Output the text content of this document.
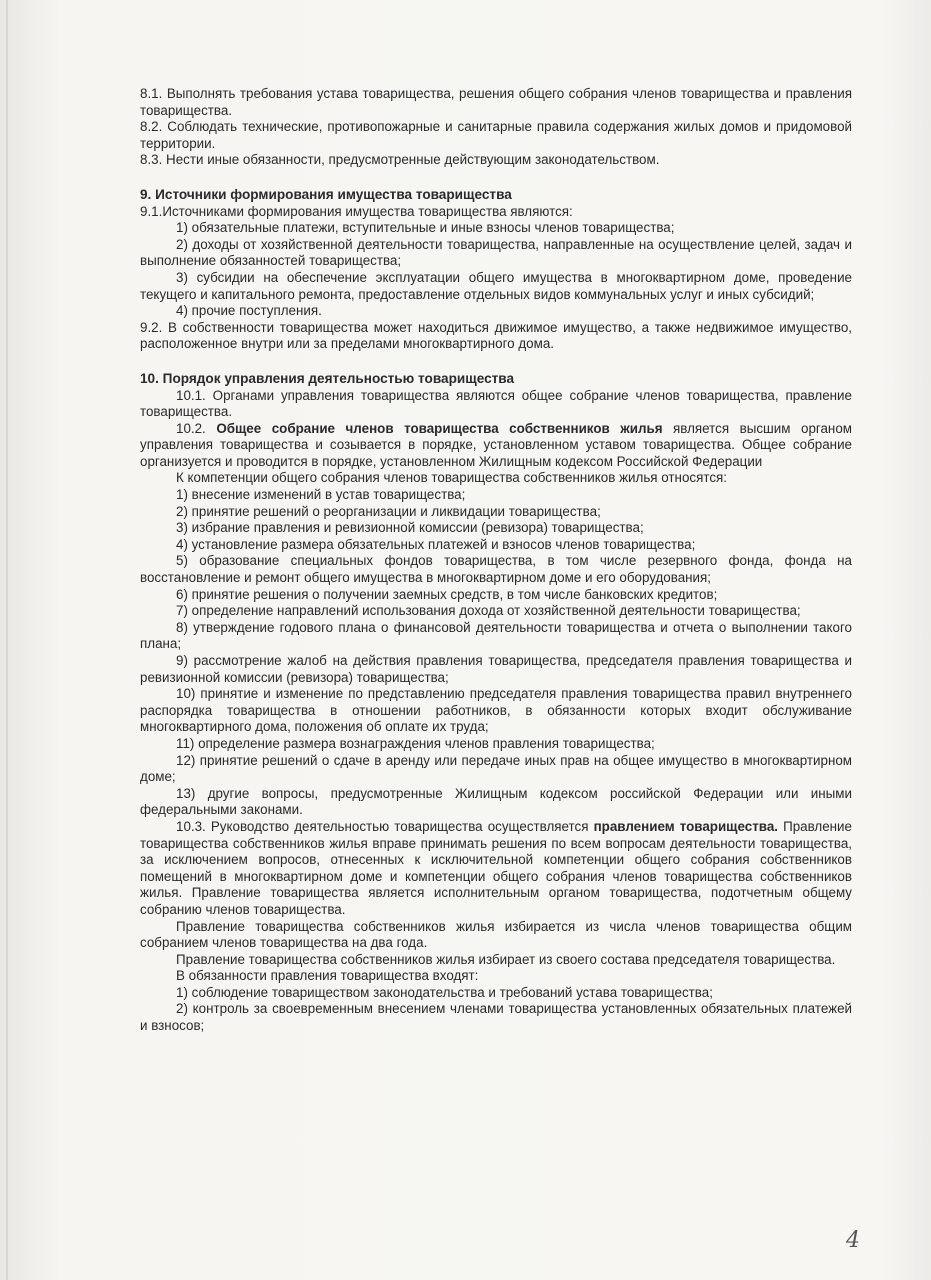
8.1. Выполнять требования устава товарищества, решения общего собрания членов товарищества и правления товарищества.

8.2. Соблюдать технические, противопожарные и санитарные правила содержания жилых домов и придомовой территории.

8.3. Нести иные обязанности, предусмотренные действующим законодательством.

9. Источники формирования имущества товарищества

9.1.Источниками формирования имущества товарищества являются:

1) обязательные платежи, вступительные и иные взносы членов товарищества;

2) доходы от хозяйственной деятельности товарищества, направленные на осуществление целей, задач и выполнение обязанностей товарищества;

3) субсидии на обеспечение эксплуатации общего имущества в многоквартирном доме, проведение текущего и капитального ремонта, предоставление отдельных видов коммунальных услуг и иных субсидий;

4) прочие поступления.

9.2. В собственности товарищества может находиться движимое имущество, а также недвижимое имущество, расположенное внутри или за пределами многоквартирного дома.

10. Порядок управления деятельностью товарищества

10.1. Органами управления товарищества являются общее собрание членов товарищества, правление товарищества.

10.2. Общее собрание членов товарищества собственников жилья является высшим органом управления товарищества и созывается в порядке, установленном уставом товарищества. Общее собрание организуется и проводится в порядке, установленном Жилищным кодексом Российской Федерации

К компетенции общего собрания членов товарищества собственников жилья относятся:

1) внесение изменений в устав товарищества;

2) принятие решений о реорганизации и ликвидации товарищества;

3) избрание правления и ревизионной комиссии (ревизора) товарищества;

4) установление размера обязательных платежей и взносов членов товарищества;

5) образование специальных фондов товарищества, в том числе резервного фонда, фонда на восстановление и ремонт общего имущества в многоквартирном доме и его оборудования;

6) принятие решения о получении заемных средств, в том числе банковских кредитов;

7) определение направлений использования дохода от хозяйственной деятельности товарищества;

8) утверждение годового плана о финансовой деятельности товарищества и отчета о выполнении такого плана;

9) рассмотрение жалоб на действия правления товарищества, председателя правления товарищества и ревизионной комиссии (ревизора) товарищества;

10) принятие и изменение по представлению председателя правления товарищества правил внутреннего распорядка товарищества в отношении работников, в обязанности которых входит обслуживание многоквартирного дома, положения об оплате их труда;

11) определение размера вознаграждения членов правления товарищества;

12) принятие решений о сдаче в аренду или передаче иных прав на общее имущество в многоквартирном доме;

13) другие вопросы, предусмотренные Жилищным кодексом российской Федерации или иными федеральными законами.

10.3. Руководство деятельностью товарищества осуществляется правлением товарищества. Правление товарищества собственников жилья вправе принимать решения по всем вопросам деятельности товарищества, за исключением вопросов, отнесенных к исключительной компетенции общего собрания собственников помещений в многоквартирном доме и компетенции общего собрания членов товарищества собственников жилья. Правление товарищества является исполнительным органом товарищества, подотчетным общему собранию членов товарищества.

Правление товарищества собственников жилья избирается из числа членов товарищества общим собранием членов товарищества на два года.

Правление товарищества собственников жилья избирает из своего состава председателя товарищества.

В обязанности правления товарищества входят:

1) соблюдение товариществом законодательства и требований устава товарищества;

2) контроль за своевременным внесением членами товарищества установленных обязательных платежей и взносов;

4
